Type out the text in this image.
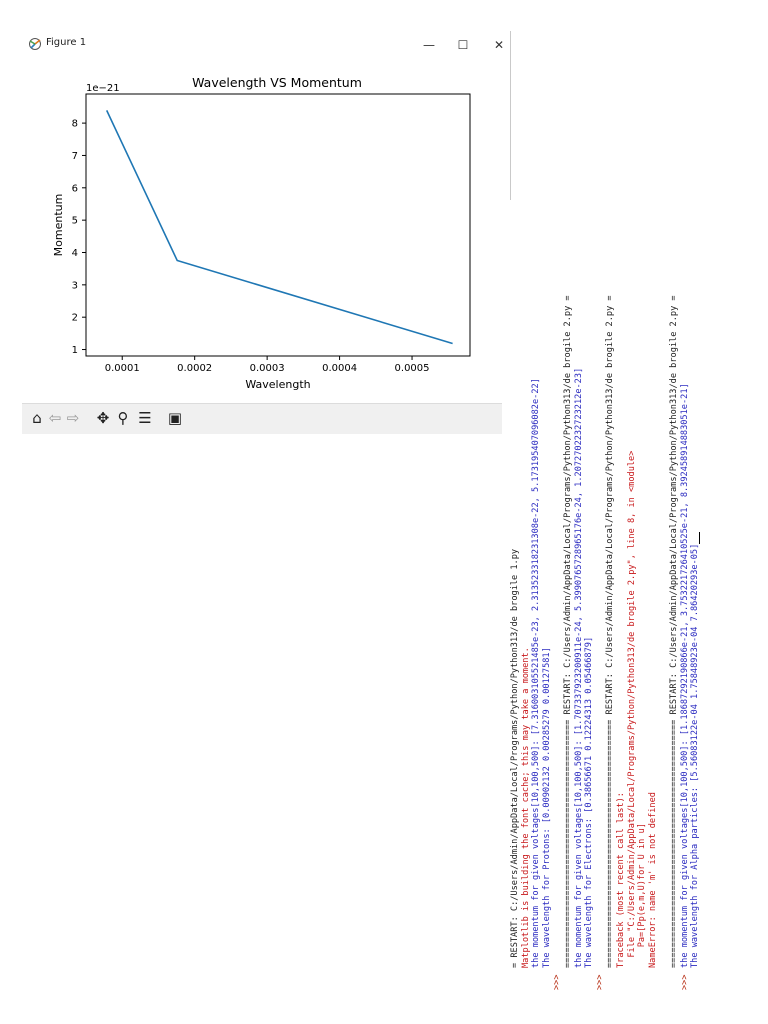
Figure 1	—	☐	✕
Wavelength VS Momentum
1e−21
0.0001	0.0002	0.0003	0.0004	0.0005
1
2
3
4
5
6
7
8
Wavelength
Momentum
⌂ ⇦ ⇨ ✥ ⚲ ☰ ▣
= RESTART: C:/Users/Admin/AppData/Local/Programs/Python/Python313/de brogile 1.py Matplotlib is building the font cache; this may take a moment. the momentum for given voltages[10,100,500]: [7.316003105521485e-23, 2.313523318231308e-22, 5.173195407096082e-22]
The wavelength for Protons: [0.00902132 0.00285279 0.00127581] ================================================ RESTART: C:/Users/Admin/AppData/Local/Programs/Python/Python313/de brogile 2.py = the momentum for given voltages[10,100,500]: [1.707337923200911e-24, 5.3990765728965176e-24, 1.2072702232723212e-23]
The wavelength for Electrons: [0.38656671 0.12224313 0.05466879] ================================================ RESTART: C:/Users/Admin/AppData/Local/Programs/Python/Python313/de brogile 2.py = Traceback (most recent call last): File "C:/Users/Admin/AppData/Local/Programs/Python/Python313/de brogile 2.py", line 8, in <module> Pa=[Pp(e,m,U)for U in u] NameError: name 'm' is not defined ================================================ RESTART: C:/Users/Admin/AppData/Local/Programs/Python/Python313/de brogile 2.py = the momentum for given voltages[10,100,500]: [1.18687292190866e-21, 3.753221726410525e-21, 8.392458914883051e-21]
The wavelength for Alpha particles: [5.56083122e-04 1.75848923e-04 7.86420293e-05]
>>>	>>>	>>>
